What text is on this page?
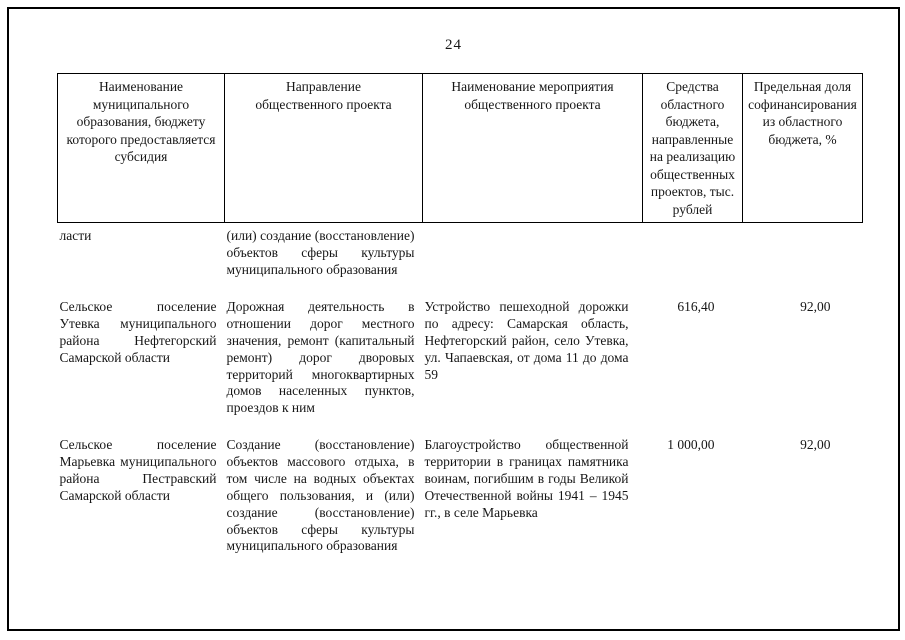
24
Наименование муниципального образования, бюджету которого предоставляется субсидия	Направление общественного проекта	Наименование мероприятия общественного проекта	Средства областного бюджета, направленные на реализацию общественных проектов, тыс. рублей	Предельная доля софинансирования из областного бюджета, %
ласти	(или) создание (восстановление) объектов сферы культуры муниципального образования			
Сельское поселение Утевка муниципального района Нефтегорский Самарской области	Дорожная деятельность в отношении дорог местного значения, ремонт (капитальный ремонт) дорог дворовых территорий многоквартирных домов населенных пунктов, проездов к ним	Устройство пешеходной дорожки по адресу: Самарская область, Нефтегорский район, село Утевка, ул. Чапаевская, от дома 11 до дома 59	616,40	92,00
Сельское поселение Марьевка муниципального района Пестравский Самарской области	Создание (восстановление) объектов массового отдыха, в том числе на водных объектах общего пользования, и (или) создание (восстановление) объектов сферы культуры муниципального образования	Благоустройство общественной территории в границах памятника воинам, погибшим в годы Великой Отечественной войны 1941 – 1945 гг., в селе Марьевка	1 000,00	92,00
